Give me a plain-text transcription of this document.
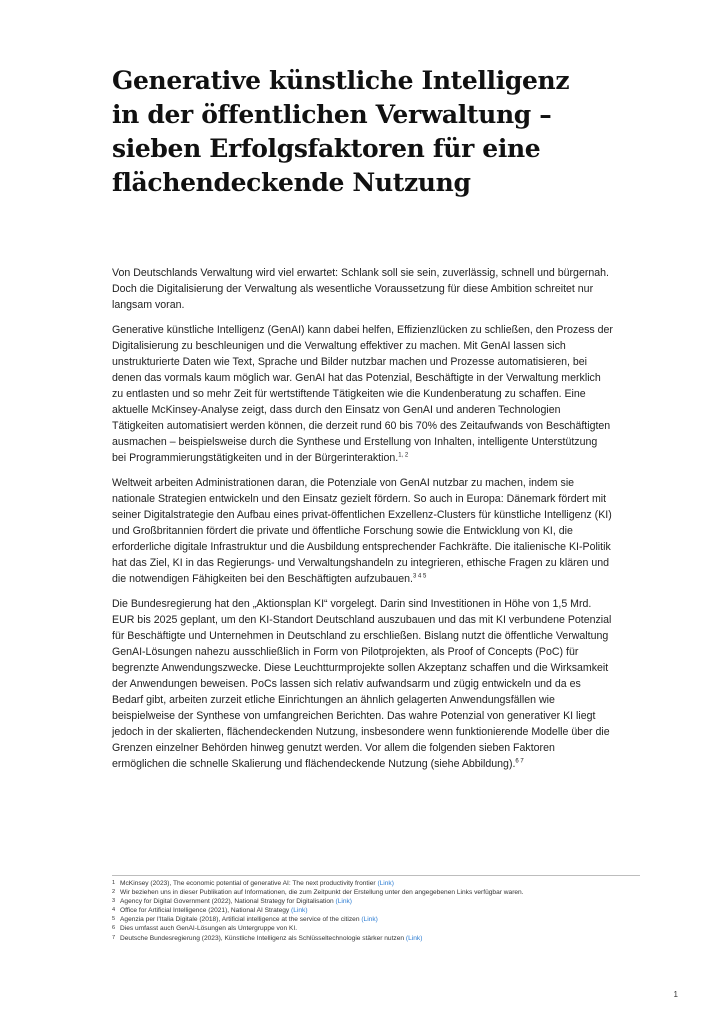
Generative künstliche Intelligenz
in der öffentlichen Verwaltung –
sieben Erfolgsfaktoren für eine
flächendeckende Nutzung

Von Deutschlands Verwaltung wird viel erwartet: Schlank soll sie sein, zuverlässig, schnell und bürgernah. Doch die Digitalisierung der Verwaltung als wesentliche Voraussetzung für diese Ambition schreitet nur langsam voran.

Generative künstliche Intelligenz (GenAI) kann dabei helfen, Effizienzlücken zu schließen, den Prozess der Digitalisierung zu beschleunigen und die Verwaltung effektiver zu machen. Mit GenAI lassen sich unstrukturierte Daten wie Text, Sprache und Bilder nutzbar machen und Prozesse automatisieren, bei denen das vormals kaum möglich war. GenAI hat das Potenzial, Beschäftigte in der Verwaltung merklich zu entlasten und so mehr Zeit für wertstiftende Tätigkeiten wie die Kundenberatung zu schaffen. Eine aktuelle McKinsey-Analyse zeigt, dass durch den Einsatz von GenAI und anderen Technologien Tätigkeiten automatisiert werden können, die derzeit rund 60 bis 70% des Zeitaufwands von Beschäftigten ausmachen – beispielsweise durch die Synthese und Erstellung von Inhalten, intelligente Unterstützung bei Programmierungstätigkeiten und in der Bürgerinteraktion.$^{1, 2}$

Weltweit arbeiten Administrationen daran, die Potenziale von GenAI nutzbar zu machen, indem sie nationale Strategien entwickeln und den Einsatz gezielt fördern. So auch in Europa: Dänemark fördert mit seiner Digitalstrategie den Aufbau eines privat-öffentlichen Exzellenz-Clusters für künstliche Intelligenz (KI) und Großbritannien fördert die private und öffentliche Forschung sowie die Entwicklung von KI, die erforderliche digitale Infrastruktur und die Ausbildung entsprechender Fachkräfte. Die italienische KI-Politik hat das Ziel, KI in das Regierungs- und Verwaltungshandeln zu integrieren, ethische Fragen zu klären und die notwendigen Fähigkeiten bei den Beschäftigten aufzubauen.$^{3 4 5}$

Die Bundesregierung hat den „Aktionsplan KI“ vorgelegt. Darin sind Investitionen in Höhe von 1,5 Mrd. EUR bis 2025 geplant, um den KI-Standort Deutschland auszubauen und das mit KI verbundene Potenzial für Beschäftigte und Unternehmen in Deutschland zu erschließen. Bislang nutzt die öffentliche Verwaltung GenAI-Lösungen nahezu ausschließlich in Form von Pilotprojekten, als Proof of Concepts (PoC) für begrenzte Anwendungszwecke. Diese Leuchtturmprojekte sollen Akzeptanz schaffen und die Wirksamkeit der Anwendungen beweisen. PoCs lassen sich relativ aufwandsarm und zügig entwickeln und da es Bedarf gibt, arbeiten zurzeit etliche Einrichtungen an ähnlich gelagerten Anwendungsfällen wie beispielweise der Synthese von umfangreichen Berichten. Das wahre Potenzial von generativer KI liegt jedoch in der skalierten, flächendeckenden Nutzung, insbesondere wenn funktionierende Modelle über die Grenzen einzelner Behörden hinweg genutzt werden. Vor allem die folgenden sieben Faktoren ermöglichen die schnelle Skalierung und flächendeckende Nutzung (siehe Abbildung).$^{6 7}$

1 McKinsey (2023), The economic potential of generative AI: The next productivity frontier (Link)
2 Wir beziehen uns in dieser Publikation auf Informationen, die zum Zeitpunkt der Erstellung unter den angegebenen Links verfügbar waren.
3 Agency for Digital Government (2022), National Strategy for Digitalisation (Link)
4 Office for Artificial Intelligence (2021), National AI Strategy (Link)
5 Agenzia per l'Italia Digitale (2018), Artificial intelligence at the service of the citizen (Link)
6 Dies umfasst auch GenAI-Lösungen als Untergruppe von KI.
7 Deutsche Bundesregierung (2023), Künstliche Intelligenz als Schlüsseltechnologie stärker nutzen (Link)
1
